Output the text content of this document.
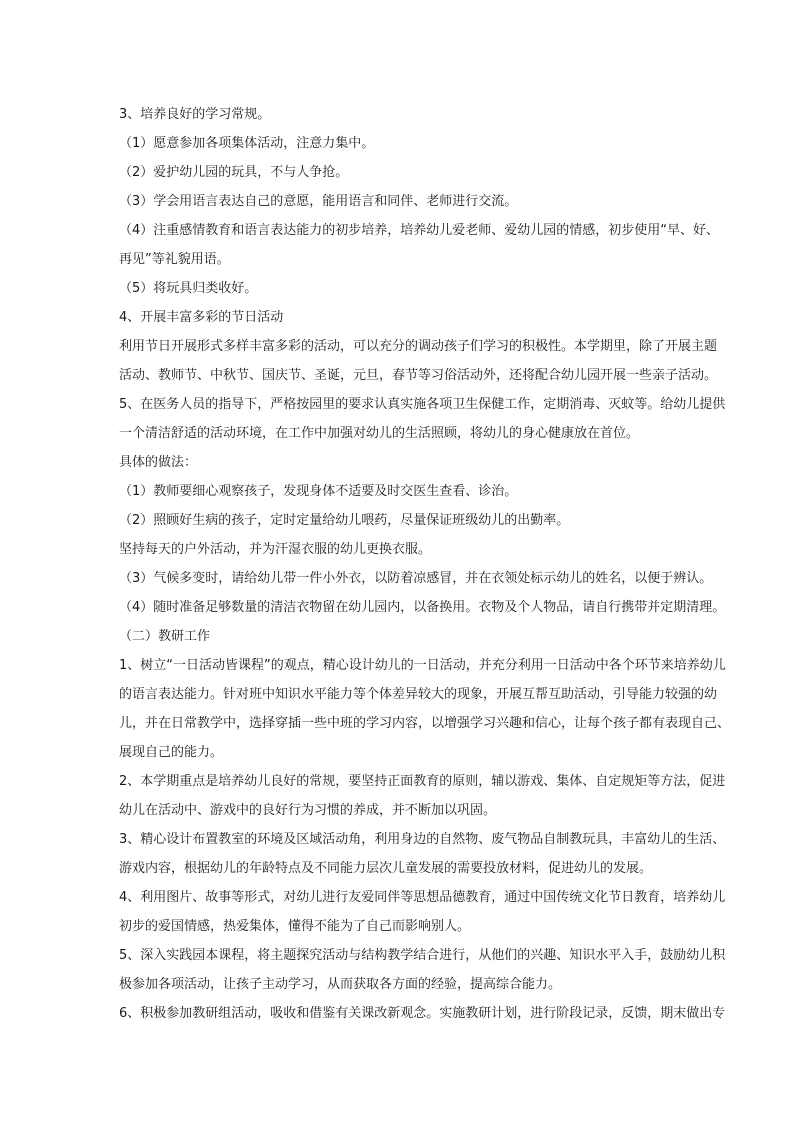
3、培养良好的学习常规。
（1）愿意参加各项集体活动，注意力集中。
（2）爱护幼儿园的玩具，不与人争抢。
（3）学会用语言表达自己的意愿，能用语言和同伴、老师进行交流。
（4）注重感情教育和语言表达能力的初步培养，培养幼儿爱老师、爱幼儿园的情感，初步使用“早、好、
再见”等礼貌用语。
（5）将玩具归类收好。
4、开展丰富多彩的节日活动
利用节日开展形式多样丰富多彩的活动，可以充分的调动孩子们学习的积极性。本学期里，除了开展主题
活动、教师节、中秋节、国庆节、圣诞，元旦，春节等习俗活动外，还将配合幼儿园开展一些亲子活动。
5、在医务人员的指导下，严格按园里的要求认真实施各项卫生保健工作，定期消毒、灭蚊等。给幼儿提供
一个清洁舒适的活动环境，在工作中加强对幼儿的生活照顾，将幼儿的身心健康放在首位。
具体的做法：
（1）教师要细心观察孩子，发现身体不适要及时交医生查看、诊治。
（2）照顾好生病的孩子，定时定量给幼儿喂药，尽量保证班级幼儿的出勤率。
坚持每天的户外活动，并为汗湿衣服的幼儿更换衣服。
（3）气候多变时，请给幼儿带一件小外衣，以防着凉感冒，并在衣领处标示幼儿的姓名，以便于辨认。
（4）随时准备足够数量的清洁衣物留在幼儿园内，以备换用。衣物及个人物品，请自行携带并定期清理。
（二）教研工作
1、树立“一日活动皆课程”的观点，精心设计幼儿的一日活动，并充分利用一日活动中各个环节来培养幼儿
的语言表达能力。针对班中知识水平能力等个体差异较大的现象，开展互帮互助活动，引导能力较强的幼
儿，并在日常教学中，选择穿插一些中班的学习内容，以增强学习兴趣和信心，让每个孩子都有表现自己、
展现自己的能力。
2、本学期重点是培养幼儿良好的常规，要坚持正面教育的原则，辅以游戏、集体、自定规矩等方法，促进
幼儿在活动中、游戏中的良好行为习惯的养成，并不断加以巩固。
3、精心设计布置教室的环境及区域活动角，利用身边的自然物、废气物品自制教玩具，丰富幼儿的生活、
游戏内容，根据幼儿的年龄特点及不同能力层次儿童发展的需要投放材料，促进幼儿的发展。
4、利用图片、故事等形式，对幼儿进行友爱同伴等思想品德教育，通过中国传统文化节日教育，培养幼儿
初步的爱国情感，热爱集体，懂得不能为了自己而影响别人。
5、深入实践园本课程，将主题探究活动与结构教学结合进行，从他们的兴趣、知识水平入手，鼓励幼儿积
极参加各项活动，让孩子主动学习，从而获取各方面的经验，提高综合能力。
6、积极参加教研组活动，吸收和借鉴有关课改新观念。实施教研计划，进行阶段记录，反馈，期末做出专
